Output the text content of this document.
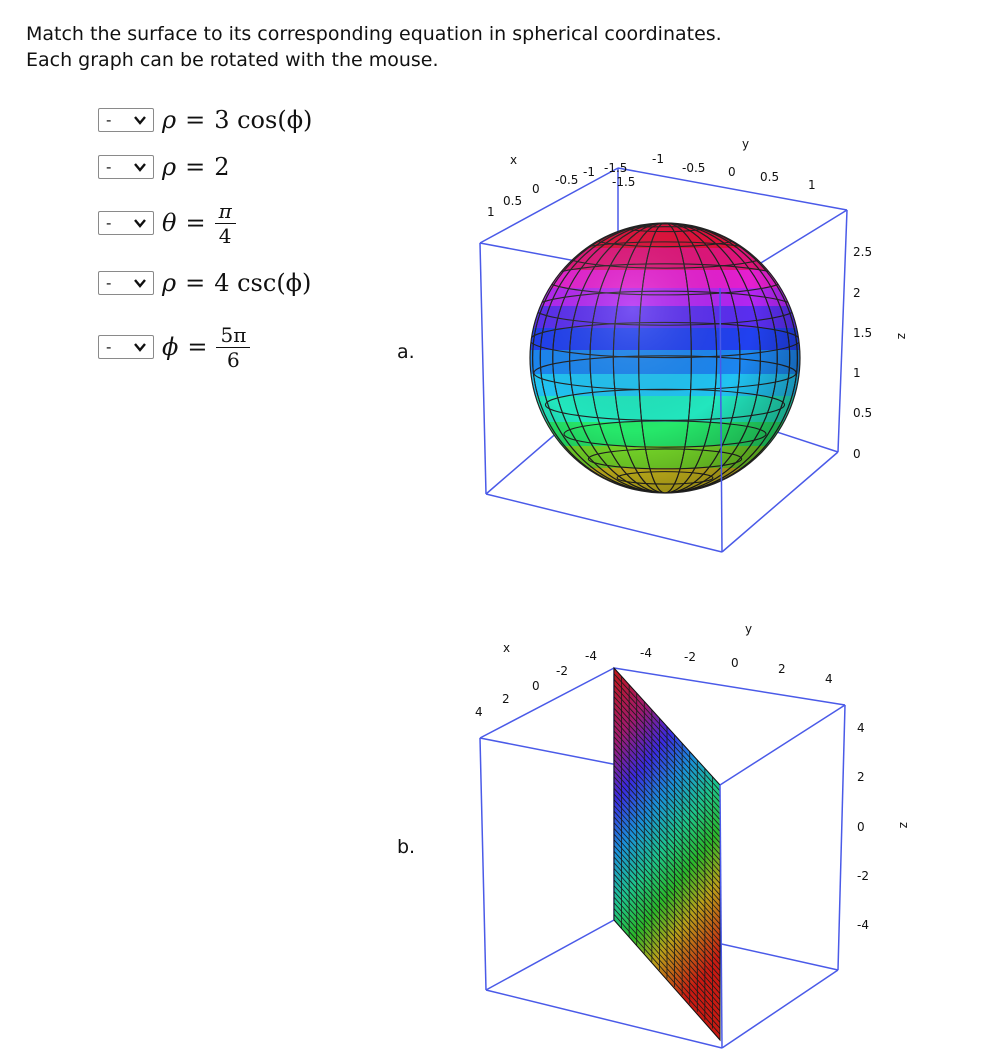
Match the surface to its corresponding equation in spherical coordinates.
Each graph can be rotated with the mouse.
- ρ = 3 cos(ϕ)
- ρ = 2
- $\theta = \frac{\pi}{4}$
- ρ = 4 csc(ϕ)
- $\phi = \frac{5\pi}{6}$	a.
b.
1
0.5
0
-0.5
-1 -1.5
-1.5
-1
-0.5 0 0.5
1
2.5
2
1.5
1
0.5
0
x
y
z
4
2
0
-2
-4	-4	-2	0	2
4
4
2
0
-2
-4
x
y
z
